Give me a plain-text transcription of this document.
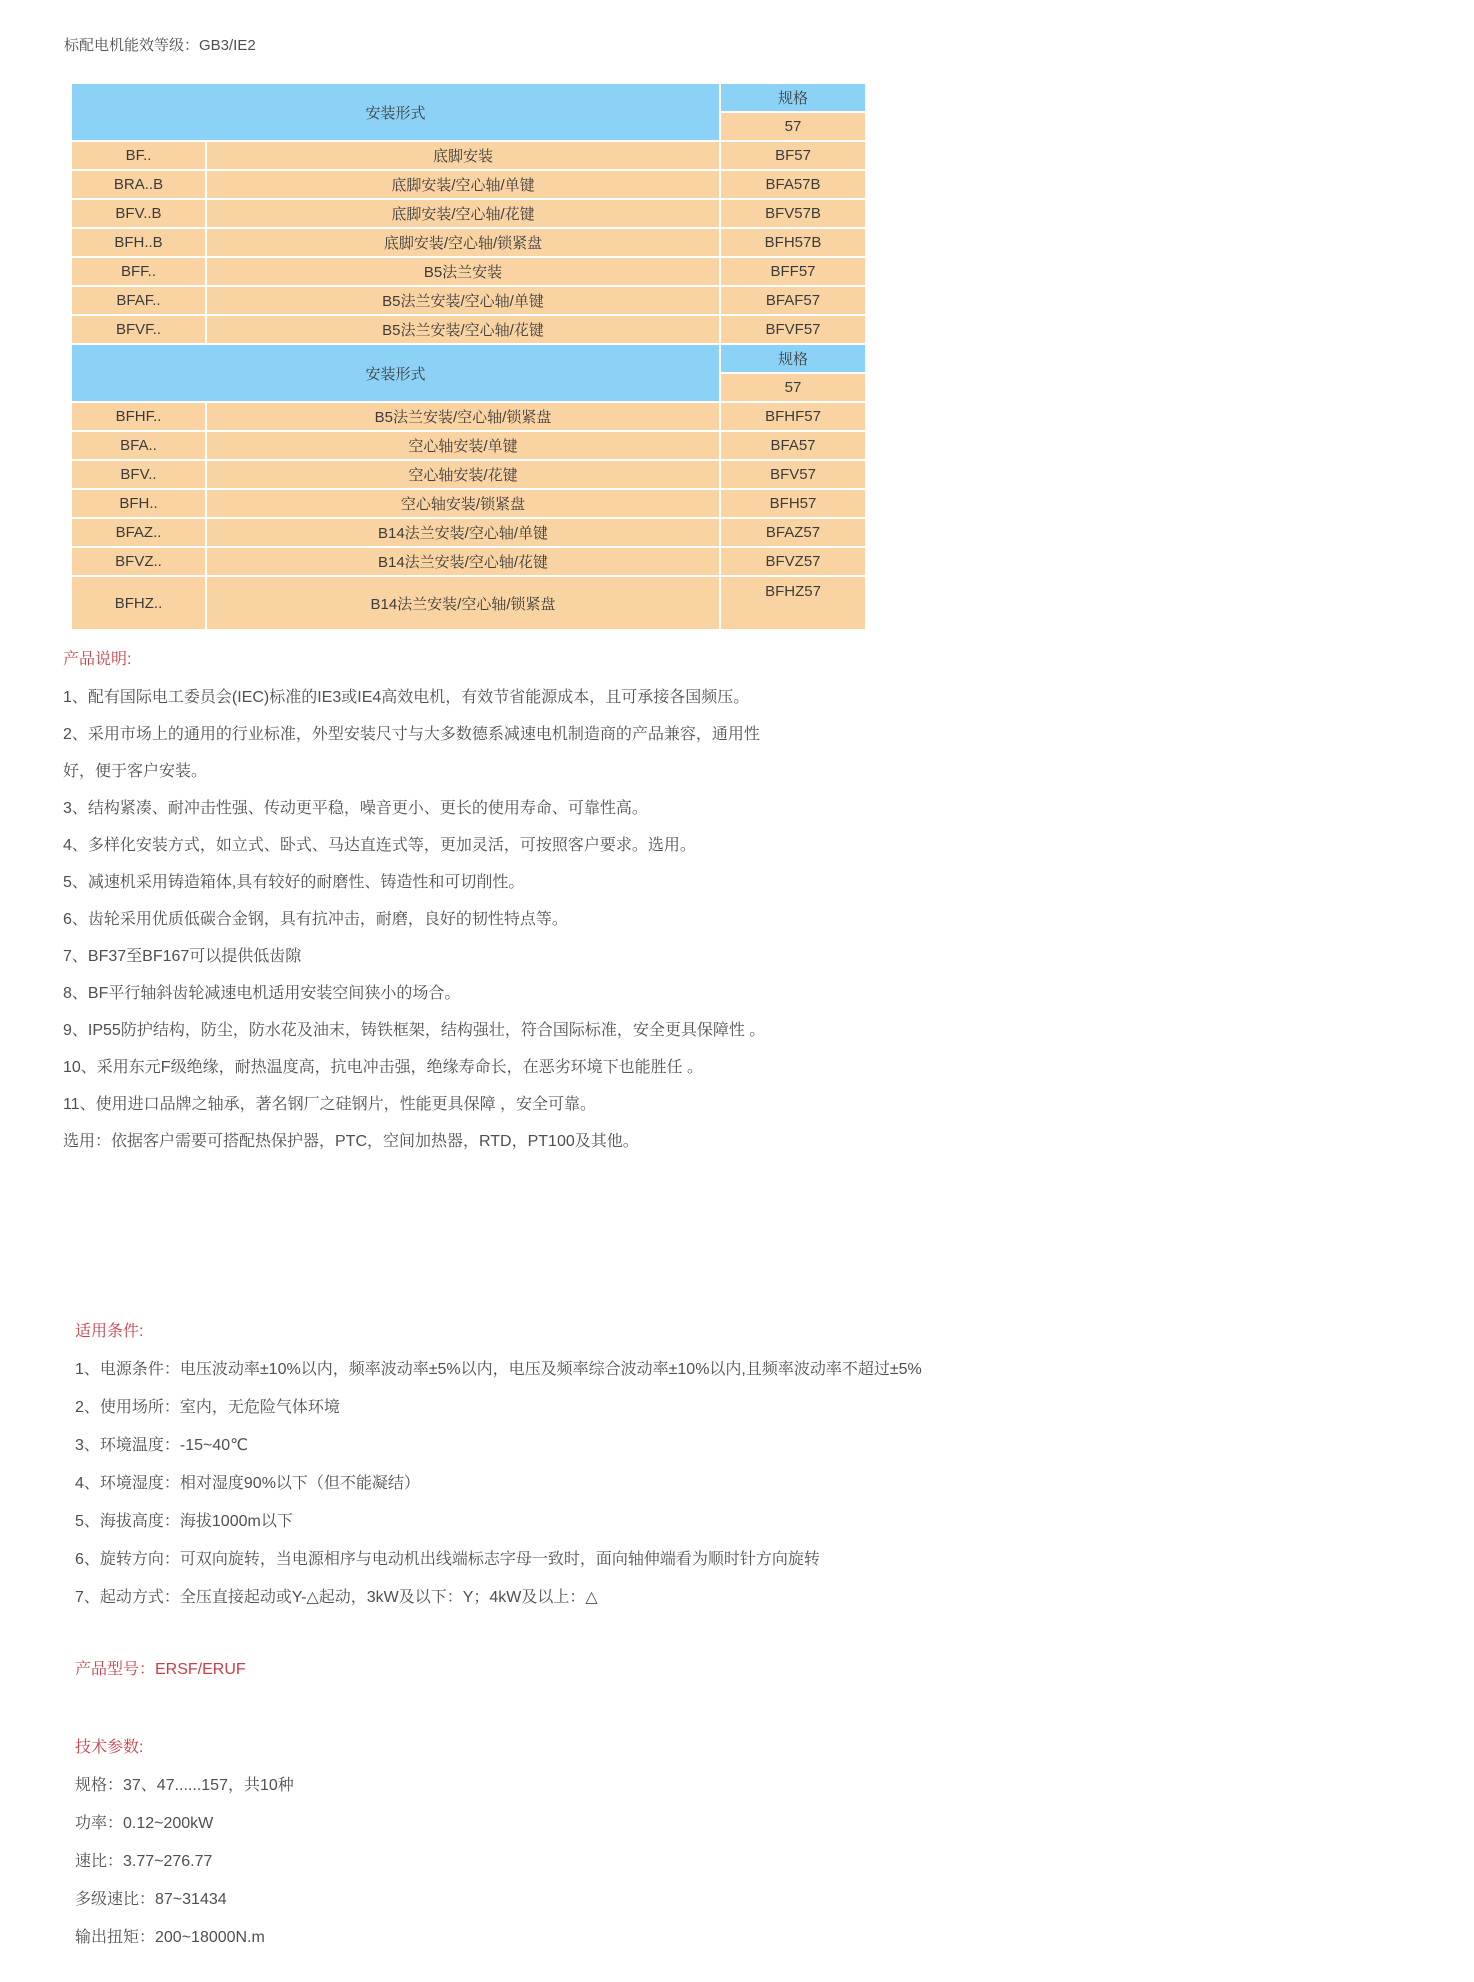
标配电机能效等级：GB3/IE2
安装形式		规格
		57
BF..	底脚安装	BF57
BRA..B	底脚安装/空心轴/单键	BFA57B
BFV..B	底脚安装/空心轴/花键	BFV57B
BFH..B	底脚安装/空心轴/锁紧盘	BFH57B
BFF..	B5法兰安装	BFF57
BFAF..	B5法兰安装/空心轴/单键	BFAF57
BFVF..	B5法兰安装/空心轴/花键	BFVF57
安装形式		规格
		57
BFHF..	B5法兰安装/空心轴/锁紧盘	BFHF57
BFA..	空心轴安装/单键	BFA57
BFV..	空心轴安装/花键	BFV57
BFH..	空心轴安装/锁紧盘	BFH57
BFAZ..	B14法兰安装/空心轴/单键	BFAZ57
BFVZ..	B14法兰安装/空心轴/花键	BFVZ57
BFHZ..	B14法兰安装/空心轴/锁紧盘	BFHZ57

产品说明:

1、配有国际电工委员会(IEC)标准的IE3或IE4高效电机，有效节省能源成本，且可承接各国频压。

2、采用市场上的通用的行业标准，外型安装尺寸与大多数德系减速电机制造商的产品兼容，通用性

好，便于客户安装。

3、结构紧凑、耐冲击性强、传动更平稳，噪音更小、更长的使用寿命、可靠性高。

4、多样化安装方式，如立式、卧式、马达直连式等，更加灵活，可按照客户要求。选用。

5、减速机采用铸造箱体,具有较好的耐磨性、铸造性和可切削性。

6、齿轮采用优质低碳合金钢，具有抗冲击，耐磨，良好的韧性特点等。

7、BF37至BF167可以提供低齿隙

8、BF平行轴斜齿轮减速电机适用安装空间狭小的场合。

9、IP55防护结构，防尘，防水花及油末，铸铁框架，结构强壮，符合国际标准，安全更具保障性 。

10、采用东元F级绝缘，耐热温度高，抗电冲击强，绝缘寿命长，在恶劣环境下也能胜任 。

11、使用进口品牌之轴承，著名钢厂之硅钢片，性能更具保障 ，安全可靠。

选用：依据客户需要可搭配热保护器，PTC，空间加热器，RTD，PT100及其他。

适用条件:

1、电源条件：电压波动率±10%以内，频率波动率±5%以内，电压及频率综合波动率±10%以内,且频率波动率不超过±5%

2、使用场所：室内，无危险气体环境

3、环境温度：-15~40℃

4、环境湿度：相对湿度90%以下（但不能凝结）

5、海拔高度：海拔1000m以下

6、旋转方向：可双向旋转，当电源相序与电动机出线端标志字母一致时，面向轴伸端看为顺时针方向旋转

7、起动方式：全压直接起动或Y-△起动，3kW及以下：Y；4kW及以上：△

产品型号：ERSF/ERUF

技术参数:

规格：37、47......157，共10种

功率：0.12~200kW

速比：3.77~276.77

多级速比：87~31434

输出扭矩：200~18000N.m
